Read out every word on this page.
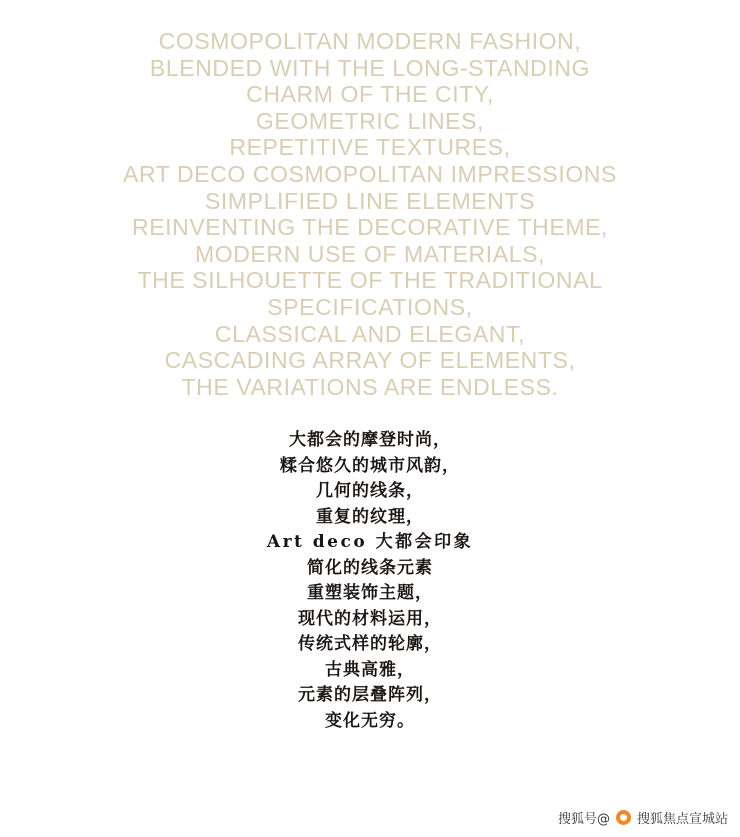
COSMOPOLITAN MODERN FASHION,
BLENDED WITH THE LONG-STANDING
CHARM OF THE CITY,
GEOMETRIC LINES,
REPETITIVE TEXTURES,
ART DECO COSMOPOLITAN IMPRESSIONS
SIMPLIFIED LINE ELEMENTS
REINVENTING THE DECORATIVE THEME,
MODERN USE OF MATERIALS,
THE SILHOUETTE OF THE TRADITIONAL
SPECIFICATIONS,
CLASSICAL AND ELEGANT,
CASCADING ARRAY OF ELEMENTS,
THE VARIATIONS ARE ENDLESS.
大都会的摩登时尚，
糅合悠久的城市风韵，
几何的线条，
重复的纹理，
Art deco 大都会印象
简化的线条元素
重塑装饰主题，
现代的材料运用，
传统式样的轮廓，
古典高雅，
元素的层叠阵列，
变化无穷。
搜狐号@ 搜狐焦点宣城站
